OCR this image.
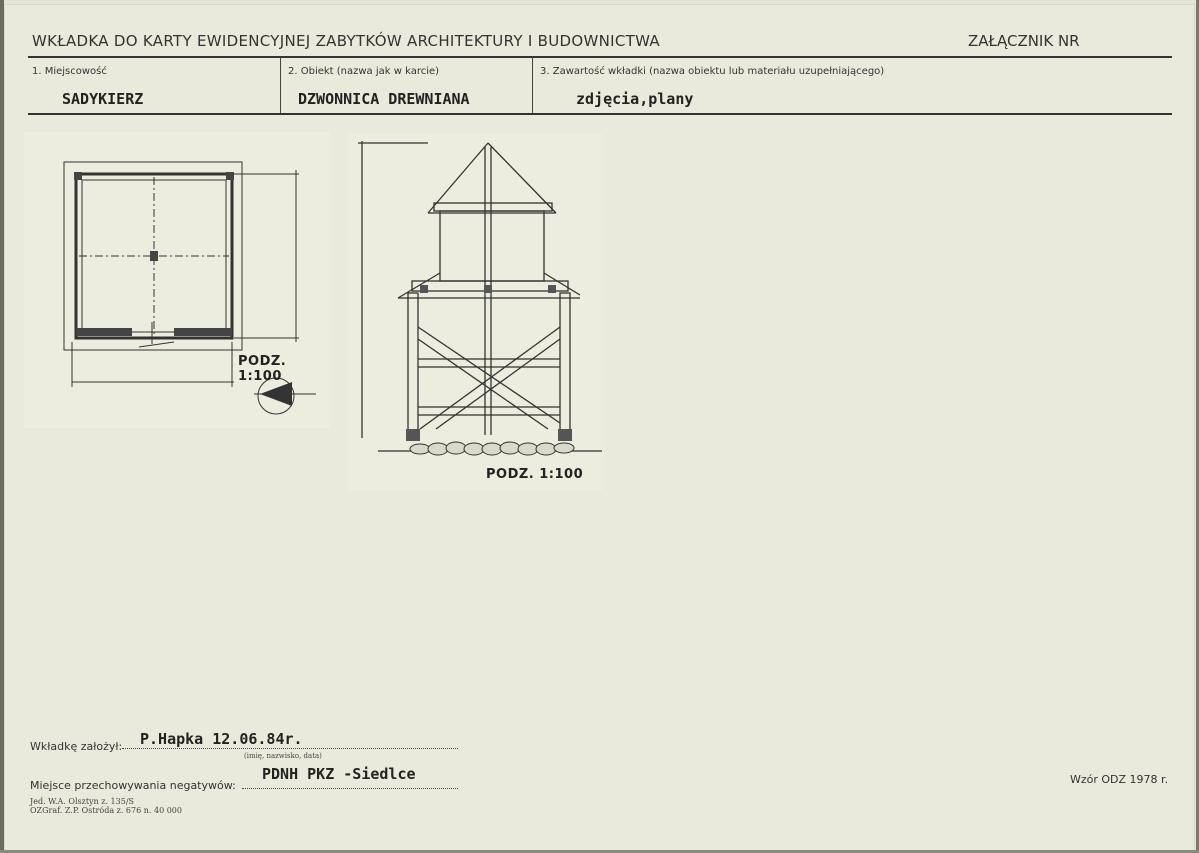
WKŁADKA DO KARTY EWIDENCYJNEJ ZABYTKÓW ARCHITEKTURY I BUDOWNICTWA	ZAŁĄCZNIK NR
1. Miejscowość
SADYKIERZ
2. Obiekt (nazwa jak w karcie)
DZWONNICA DREWNIANA
3. Zawartość wkładki (nazwa obiektu lub materiału uzupełniającego)
zdjęcia,plany
PODZ. 1:100
PODZ. 1:100
Wkładkę założył: P.Hapka 12.06.84r.
(imię, nazwisko, data)
Miejsce przechowywania negatywów:
PDNH PKZ -Siedlce
Jed. W.A. Olsztyn z. 135/S
OZGraf. Z.P. Ostróda z. 676 n. 40 000
Wzór ODZ 1978 r.
